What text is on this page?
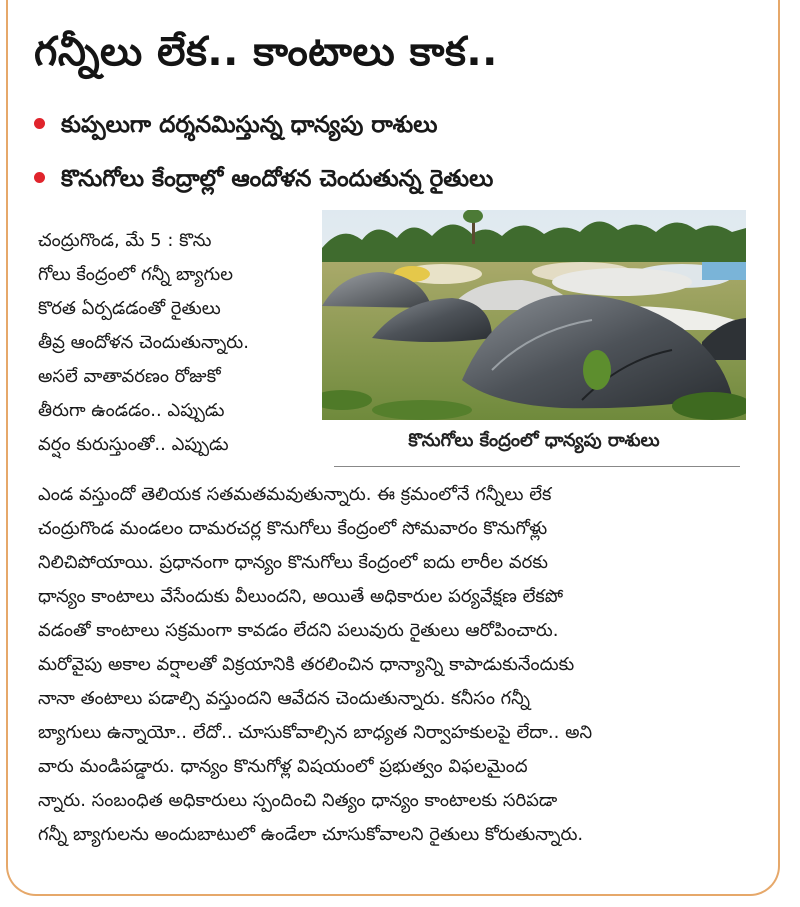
గన్నీలు లేక.. కాంటాలు కాక..
కుప్పలుగా దర్శనమిస్తున్న ధాన్యపు రాశులు
కొనుగోలు కేంద్రాల్లో ఆందోళన చెందుతున్న రైతులు
కొనుగోలు కేంద్రంలో ధాన్యపు రాశులు
చంద్రుగొండ, మే 5 : కొను
గోలు కేంద్రంలో గన్నీ బ్యాగుల
కొరత ఏర్పడడంతో రైతులు
తీవ్ర ఆందోళన చెందుతున్నారు.
అసలే వాతావరణం రోజుకో
తీరుగా ఉండడం.. ఎప్పుడు
వర్షం కురుస్తుంతో.. ఎప్పుడు
ఎండ వస్తుందో తెలియక సతమతమవుతున్నారు. ఈ క్రమంలోనే గన్నీలు లేక
చంద్రుగొండ మండలం దామరచర్ల కొనుగోలు కేంద్రంలో సోమవారం కొనుగోళ్లు
నిలిచిపోయాయి. ప్రధానంగా ధాన్యం కొనుగోలు కేంద్రంలో ఐదు లారీల వరకు
ధాన్యం కాంటాలు వేసేందుకు వీలుందని, అయితే అధికారుల పర్యవేక్షణ లేకపో
వడంతో కాంటాలు సక్రమంగా కావడం లేదని పలువురు రైతులు ఆరోపించారు.
మరోవైపు అకాల వర్షాలతో విక్రయానికి తరలించిన ధాన్యాన్ని కాపాడుకునేందుకు
నానా తంటాలు పడాల్సి వస్తుందని ఆవేదన చెందుతున్నారు. కనీసం గన్నీ
బ్యాగులు ఉన్నాయో.. లేదో.. చూసుకోవాల్సిన బాధ్యత నిర్వాహకులపై లేదా.. అని
వారు మండిపడ్డారు. ధాన్యం కొనుగోళ్ల విషయంలో ప్రభుత్వం విఫలమైంద
న్నారు. సంబంధిత అధికారులు స్పందించి నిత్యం ధాన్యం కాంటాలకు సరిపడా
గన్నీ బ్యాగులను అందుబాటులో ఉండేలా చూసుకోవాలని రైతులు కోరుతున్నారు.
